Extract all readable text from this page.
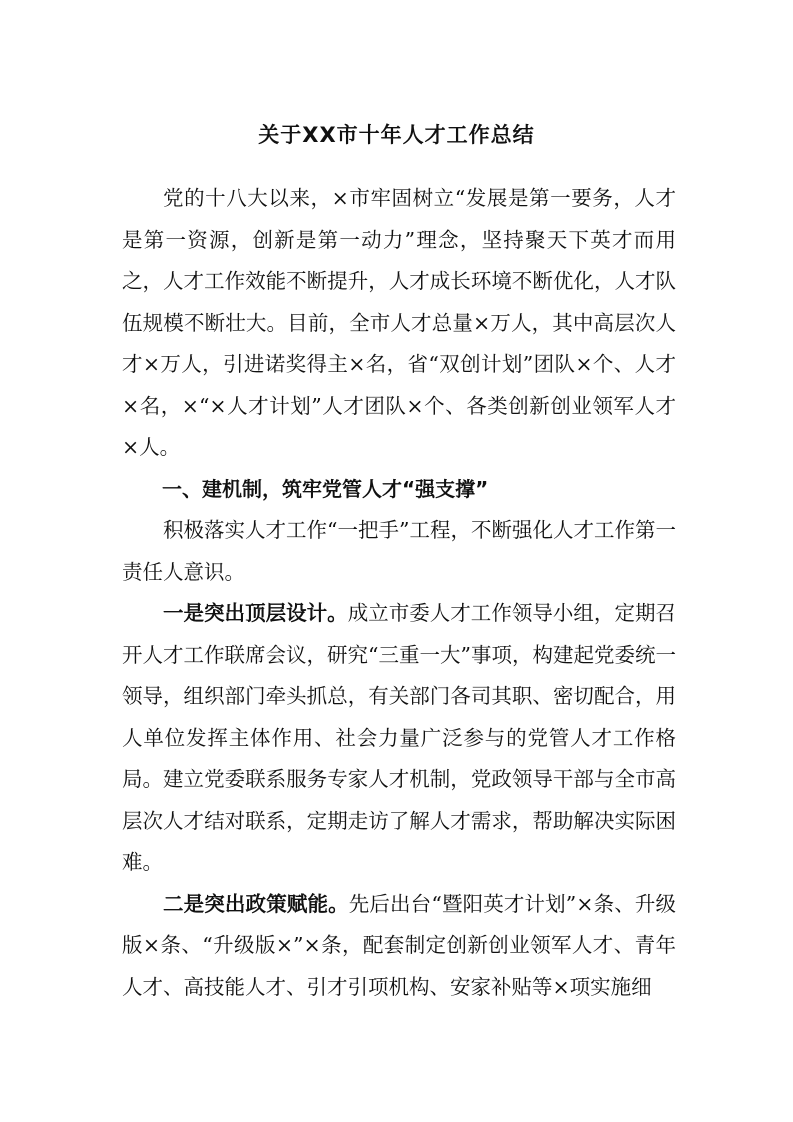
关于XX市十年人才工作总结

党的十八大以来，×市牢固树立“发展是第一要务，人才是第一资源，创新是第一动力”理念，坚持聚天下英才而用之，人才工作效能不断提升，人才成长环境不断优化，人才队伍规模不断壮大。目前，全市人才总量×万人，其中高层次人才×万人，引进诺奖得主×名，省“双创计划”团队×个、人才×名，×“×人才计划”人才团队×个、各类创新创业领军人才×人。

一、建机制，筑牢党管人才“强支撑”

积极落实人才工作“一把手”工程，不断强化人才工作第一责任人意识。

一是突出顶层设计。成立市委人才工作领导小组，定期召开人才工作联席会议，研究“三重一大”事项，构建起党委统一领导，组织部门牵头抓总，有关部门各司其职、密切配合，用人单位发挥主体作用、社会力量广泛参与的党管人才工作格局。建立党委联系服务专家人才机制，党政领导干部与全市高层次人才结对联系，定期走访了解人才需求，帮助解决实际困难。

二是突出政策赋能。先后出台“暨阳英才计划”×条、升级版×条、“升级版×”×条，配套制定创新创业领军人才、青年人才、高技能人才、引才引项机构、安家补贴等×项实施细
